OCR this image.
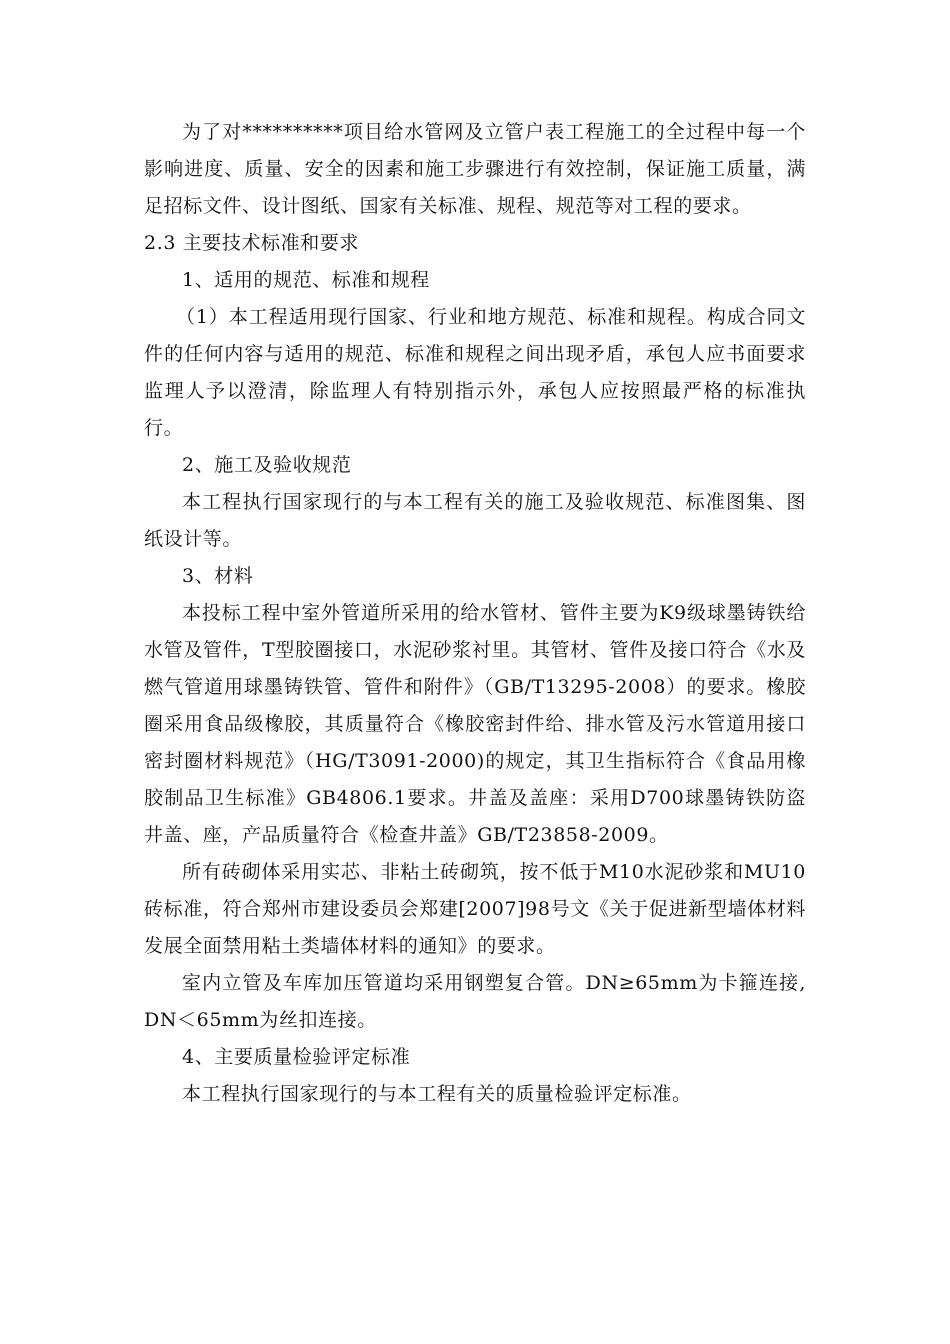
为了对**********项目给水管网及立管户表工程施工的全过程中每一个影响进度、质量、安全的因素和施工步骤进行有效控制，保证施工质量，满足招标文件、设计图纸、国家有关标准、规程、规范等对工程的要求。

2.3 主要技术标准和要求

1、适用的规范、标准和规程

（1）本工程适用现行国家、行业和地方规范、标准和规程。构成合同文件的任何内容与适用的规范、标准和规程之间出现矛盾，承包人应书面要求监理人予以澄清，除监理人有特别指示外，承包人应按照最严格的标准执行。

2、施工及验收规范

本工程执行国家现行的与本工程有关的施工及验收规范、标准图集、图纸设计等。

3、材料

本投标工程中室外管道所采用的给水管材、管件主要为K9级球墨铸铁给水管及管件，T型胶圈接口，水泥砂浆衬里。其管材、管件及接口符合《水及燃气管道用球墨铸铁管、管件和附件》（GB/T13295-2008）的要求。橡胶圈采用食品级橡胶，其质量符合《橡胶密封件给、排水管及污水管道用接口密封圈材料规范》（HG/T3091-2000)的规定，其卫生指标符合《食品用橡胶制品卫生标准》GB4806.1要求。井盖及盖座：采用D700球墨铸铁防盗井盖、座，产品质量符合《检查井盖》GB/T23858-2009。

所有砖砌体采用实芯、非粘土砖砌筑，按不低于M10水泥砂浆和MU10砖标准，符合郑州市建设委员会郑建[2007]98号文《关于促进新型墙体材料发展全面禁用粘土类墙体材料的通知》的要求。

室内立管及车库加压管道均采用钢塑复合管。DN≥65mm为卡箍连接,DN＜65mm为丝扣连接。

4、主要质量检验评定标准

本工程执行国家现行的与本工程有关的质量检验评定标准。
